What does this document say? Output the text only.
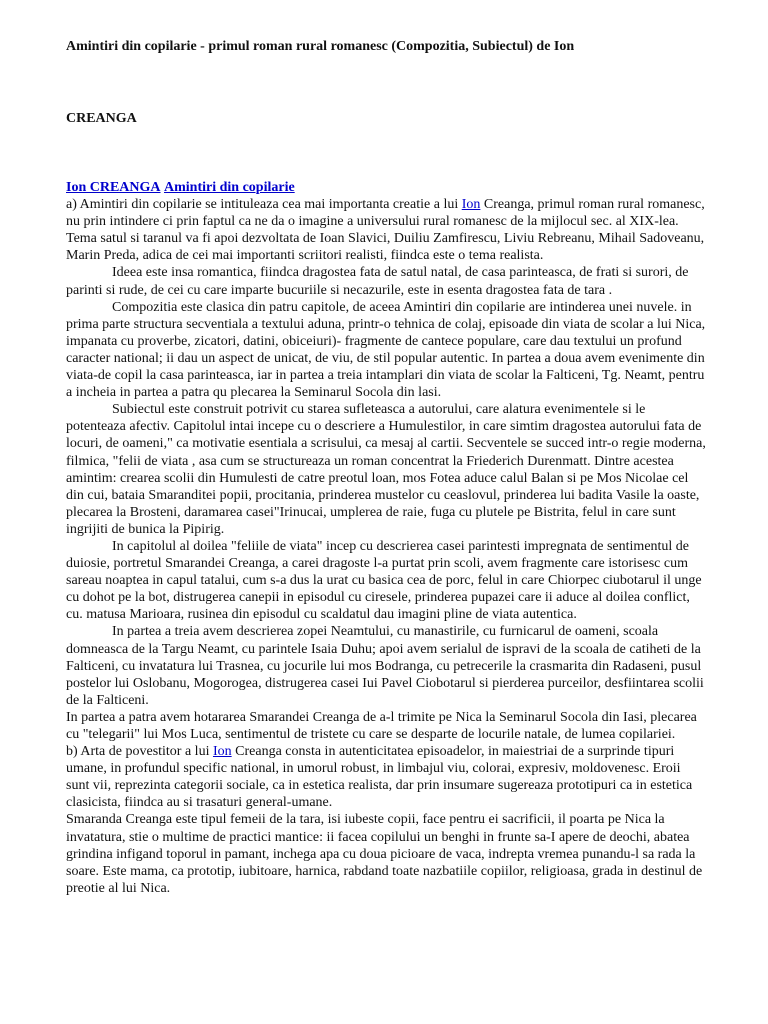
Amintiri din copilarie - primul roman rural romanesc (Compozitia, Subiectul) de Ion
CREANGA

Ion CREANGA Amintiri din copilarie

a) Amintiri din copilarie se intituleaza cea mai importanta creatie a lui Ion Creanga, primul roman rural romanesc, nu prin intindere ci prin faptul ca ne da o imagine a universului rural romanesc de la mijlocul sec. al XIX-lea. Tema satul si taranul va fi apoi dezvoltata de Ioan Slavici, Duiliu Zamfirescu, Liviu Rebreanu, Mihail Sadoveanu, Marin Preda, adica de cei mai importanti scriitori realisti, fiindca este o tema realista.

Ideea este insa romantica, fiindca dragostea fata de satul natal, de casa parinteasca, de frati si surori, de parinti si rude, de cei cu care imparte bucuriile si necazurile, este in esenta dragostea fata de tara .

Compozitia este clasica din patru capitole, de aceea Amintiri din copilarie are intinderea unei nuvele. in prima parte structura secventiala a textului aduna, printr-o tehnica de colaj, episoade din viata de scolar a lui Nica, impanata cu proverbe, zicatori, datini, obiceiuri)- fragmente de cantece populare, care dau textului un profund caracter national; ii dau un aspect de unicat, de viu, de stil popular autentic. In partea a doua avem evenimente din viata-de copil la casa parinteasca, iar in partea a treia intamplari din viata de scolar la Falticeni, Tg. Neamt, pentru a incheia in partea a patra qu plecarea la Seminarul Socola din lasi.

Subiectul este construit potrivit cu starea sufleteasca a autorului, care alatura evenimentele si le potenteaza afectiv. Capitolul intai incepe cu o descriere a Humulestilor, in care simtim dragostea autorului fata de locuri, de oameni," ca motivatie esentiala a scrisului, ca mesaj al cartii. Secventele se succed intr-o regie moderna, filmica, "felii de viata , asa cum se structureaza un roman concentrat la Friederich Durenmatt. Dintre acestea amintim: crearea scolii din Humulesti de catre preotul loan, mos Fotea aduce calul Balan si pe Mos Nicolae cel din cui, bataia Smaranditei popii, procitania, prinderea mustelor cu ceaslovul, prinderea lui badita Vasile la oaste, plecarea la Brosteni, daramarea casei"Irinucai, umplerea de raie, fuga cu plutele pe Bistrita, felul in care sunt ingrijiti de bunica la Pipirig.

In capitolul al doilea "feliile de viata" incep cu descrierea casei parintesti impregnata de sentimentul de duiosie, portretul Smarandei Creanga, a carei dragoste l-a purtat prin scoli, avem fragmente care istorisesc cum sareau noaptea in capul tatalui, cum s-a dus la urat cu basica cea de porc, felul in care Chiorpec ciubotarul il unge cu dohot pe la bot, distrugerea canepii in episodul cu ciresele, prinderea pupazei care ii aduce al doilea conflict, cu. matusa Marioara, rusinea din episodul cu scaldatul dau imagini pline de viata autentica.

In partea a treia avem descrierea zopei Neamtului, cu manastirile, cu furnicarul de oameni, scoala domneasca de la Targu Neamt, cu parintele Isaia Duhu; apoi avem serialul de ispravi de la scoala de catiheti de la Falticeni, cu invatatura lui Trasnea, cu jocurile lui mos Bodranga, cu petrecerile la crasmarita din Radaseni, pusul postelor lui Oslobanu, Mogorogea, distrugerea casei Iui Pavel Ciobotarul si pierderea purceilor, desfiintarea scolii de la Falticeni.

In partea a patra avem hotararea Smarandei Creanga de a-l trimite pe Nica la Seminarul Socola din Iasi, plecarea cu "telegarii" lui Mos Luca, sentimentul de tristete cu care se desparte de locurile natale, de lumea copilariei.

b) Arta de povestitor a lui Ion Creanga consta in autenticitatea episoadelor, in maiestriai de a surprinde tipuri umane, in profundul specific national, in umorul robust, in limbajul viu, colorai, expresiv, moldovenesc. Eroii sunt vii, reprezinta categorii sociale, ca in estetica realista, dar prin insumare sugereaza prototipuri ca in estetica clasicista, fiindca au si trasaturi general-umane.

Smaranda Creanga este tipul femeii de la tara, isi iubeste copii, face pentru ei sacrificii, il poarta pe Nica la invatatura, stie o multime de practici mantice: ii facea copilului un benghi in frunte sa-I apere de deochi, abatea grindina infigand toporul in pamant, inchega apa cu doua picioare de vaca, indrepta vremea punandu-l sa rada la soare. Este mama, ca prototip, iubitoare, harnica, rabdand toate nazbatiile copiilor, religioasa, grada in destinul de preotie al lui Nica.
